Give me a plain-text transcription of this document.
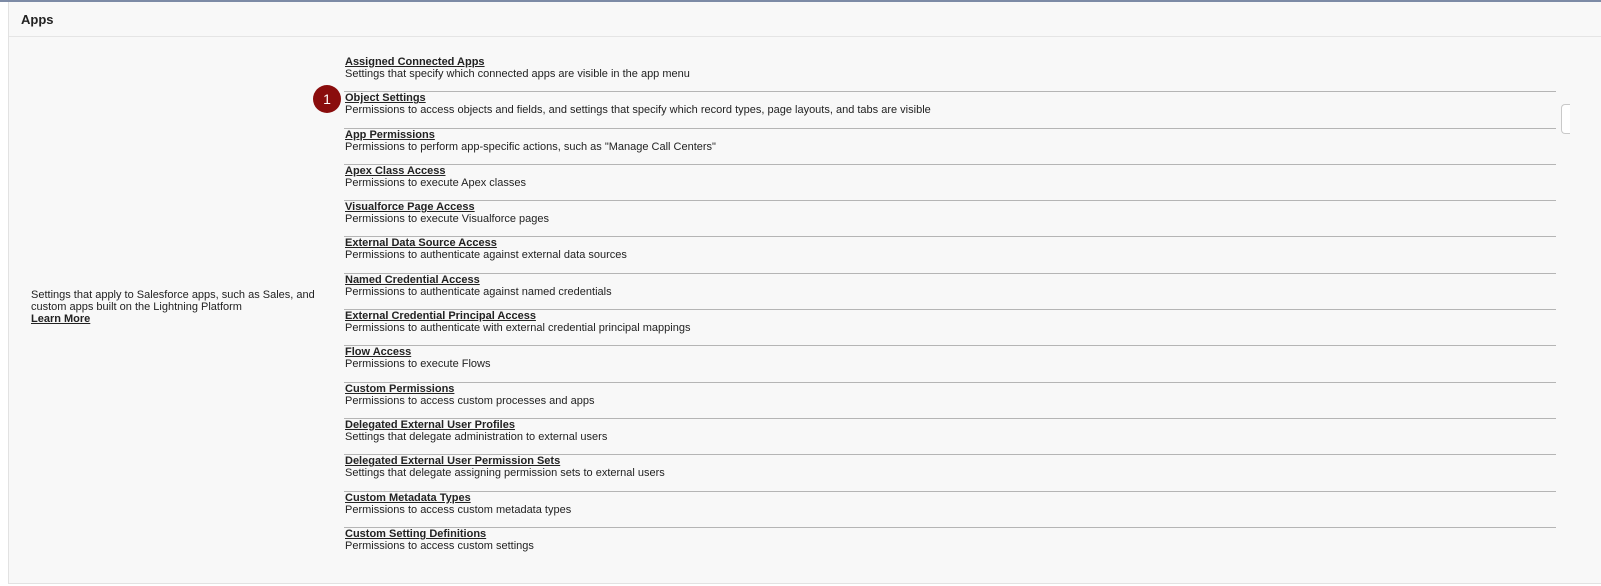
Apps
Settings that apply to Salesforce apps, such as Sales, and custom apps built on the Lightning Platform
Learn More
Assigned Connected Apps
Settings that specify which connected apps are visible in the app menu
Object Settings
Permissions to access objects and fields, and settings that specify which record types, page layouts, and tabs are visible
App Permissions
Permissions to perform app-specific actions, such as "Manage Call Centers"
Apex Class Access
Permissions to execute Apex classes
Visualforce Page Access
Permissions to execute Visualforce pages
External Data Source Access
Permissions to authenticate against external data sources
Named Credential Access
Permissions to authenticate against named credentials
External Credential Principal Access
Permissions to authenticate with external credential principal mappings
Flow Access
Permissions to execute Flows
Custom Permissions
Permissions to access custom processes and apps
Delegated External User Profiles
Settings that delegate administration to external users
Delegated External User Permission Sets
Settings that delegate assigning permission sets to external users
Custom Metadata Types
Permissions to access custom metadata types
Custom Setting Definitions
Permissions to access custom settings
1
